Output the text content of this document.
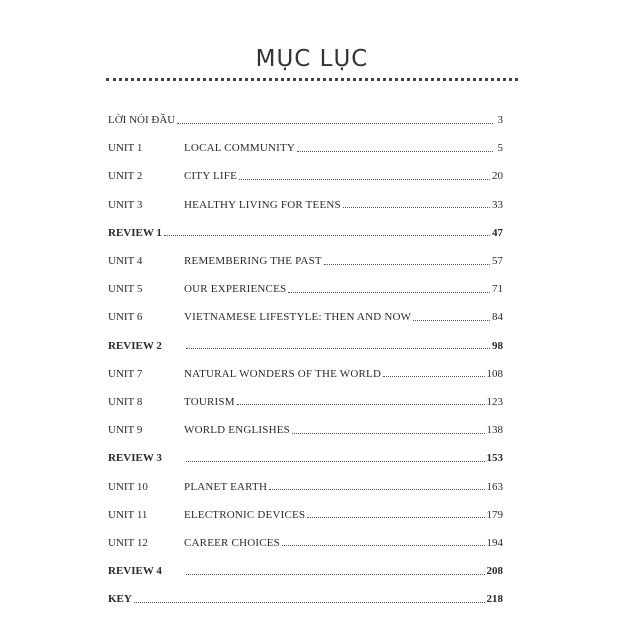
MỤC LỤC
LỜI NÓI ĐẦU	3
UNIT 1	LOCAL COMMUNITY	5
UNIT 2	CITY LIFE	20
UNIT 3	HEALTHY LIVING FOR TEENS	33
REVIEW 1	47
UNIT 4	REMEMBERING THE PAST	57
UNIT 5	OUR EXPERIENCES	71
UNIT 6	VIETNAMESE LIFESTYLE: THEN AND NOW	84
REVIEW 2	98
UNIT 7	NATURAL WONDERS OF THE WORLD	108
UNIT 8	TOURISM	123
UNIT 9	WORLD ENGLISHES	138
REVIEW 3	153
UNIT 10	PLANET EARTH	163
UNIT 11	ELECTRONIC DEVICES	179
UNIT 12	CAREER CHOICES	194
REVIEW 4	208
KEY	218
